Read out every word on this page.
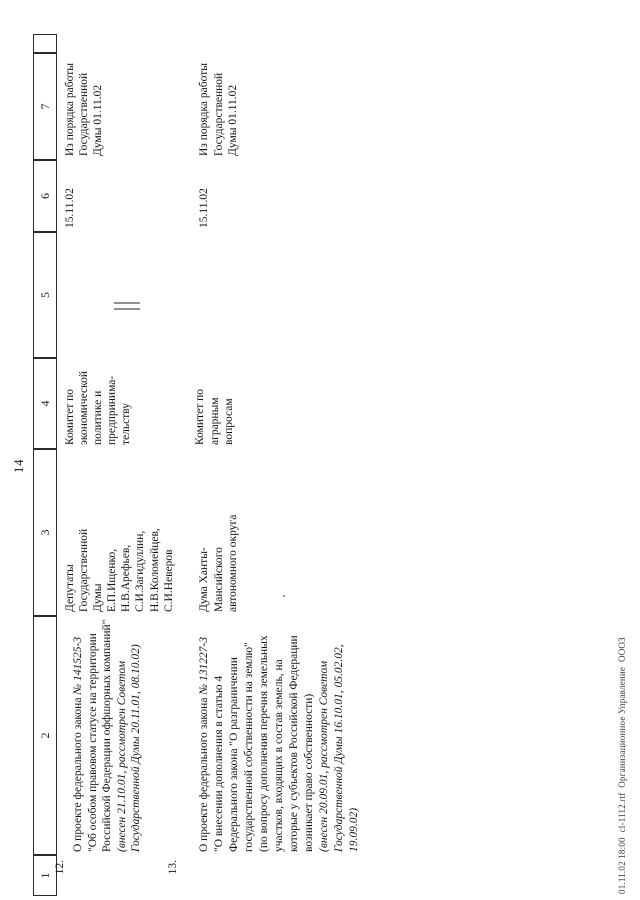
14
1
2
3
4
5
6
7
12.
О проекте федерального закона № 141525-3 "Об особом правовом статусе на территории Российской Федерации оффшорных компаний" (внесен 21.10.01, рассмотрен Советом Государственной Думы 20.11.01, 08.10.02)
Депутаты Государственной Думы Е.П.Ищенко, Н.В.Арефьев, С.И.Загидуллин, Н.В.Коломейцев, С.И.Неверов
Комитет по экономической политике и предпринима- тельству
15.11.02
Из порядка работы Государственной Думы 01.11.02
13.
О проекте федерального закона № 131227-3
"О внесении дополнения в статью 4 Федерального закона "О разграничении государственной собственности на землю" (по вопросу дополнения перечня земельных участков, входящих в состав земель, на которые у субъектов Российской Федерации возникает право собственности) (внесен 20.09.01, рассмотрен Советом Государственной Думы 16.10.01, 05.02.02, 19.09.02)
Дума Ханты- Мансийского автономного округа
Комитет по аграрным вопросам
15.11.02
Из порядка работы Государственной Думы 01.11.02
01.11.02 18:00  cl-1112.rtf  Организационное Управление  ОООЗ
